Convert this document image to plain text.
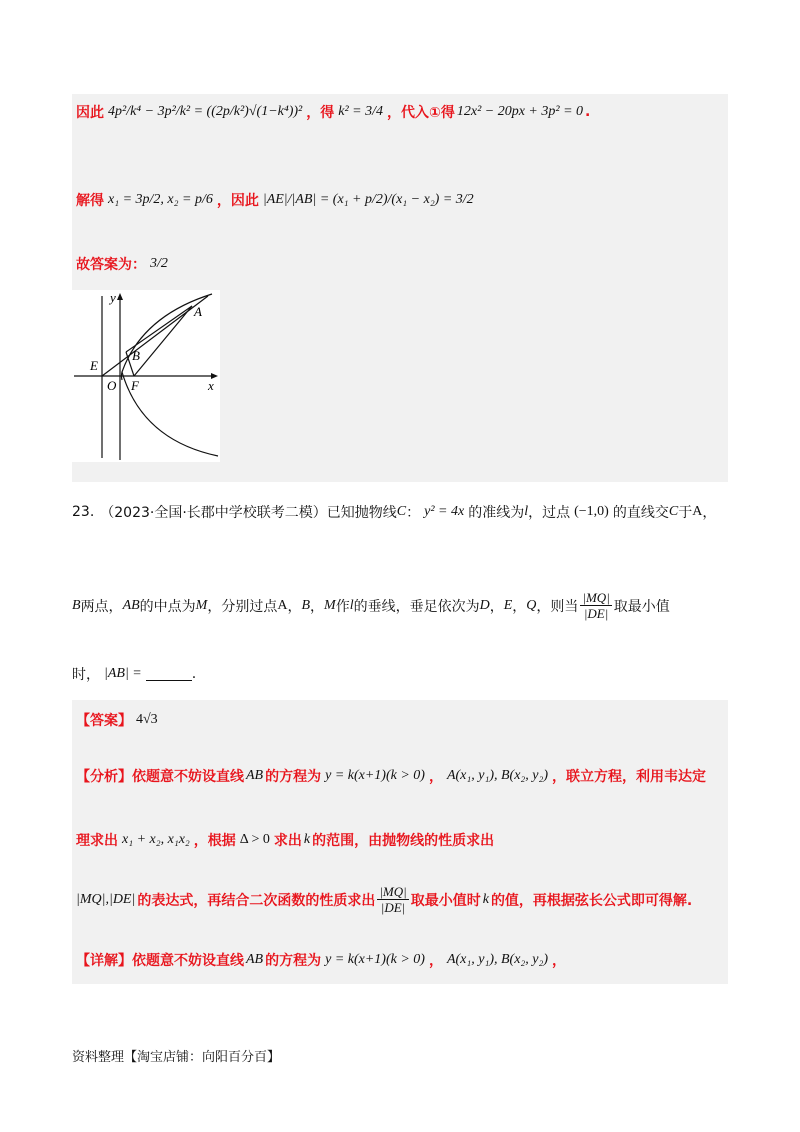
因此 4p²/k⁴ − 3p²/k² = ((2p/k²)√(1−k⁴))² ，得 k² = 3/4 ，代入①得 12x² − 20px + 3p² = 0 .
解得 x₁ = 3p/2, x₂ = p/6 ，因此 |AE|/|AB| = (x₁ + p/2)/(x₁ − x₂) = 3/2
故答案为： 3/2
y
x
A
B
E
O F
23. （2023·全国·长郡中学校联考二模）已知抛物线 C ： y² = 4x 的准线为 l ，过点 (−1,0) 的直线交 C 于 A ，
B 两点， AB 的中点为 M ，分别过点 A ， B ， M 作 l 的垂线，垂足依次为 D ， E ， Q ，则当 $\frac{|MQ|}{|DE|}$ 取最小值
时， |AB| =	.
【答案】 4√3
【分析】 依题意不妨设直线 AB 的方程为 y = k(x+1)(k > 0) ， A(x₁, y₁), B(x₂, y₂) ，联立方程，利用韦达定
理求出 x₁ + x₂, x₁x₂ ，根据 Δ > 0 求出 k 的范围，由抛物线的性质求出
|MQ|,|DE| 的表达式，再结合二次函数的性质求出 $\frac{|MQ|}{|DE|}$ 取最小值时 k 的值，再根据弦长公式即可得解.
【详解】 依题意不妨设直线 AB 的方程为 y = k(x+1)(k > 0) ， A(x₁, y₁), B(x₂, y₂) ，
资料整理【淘宝店铺：向阳百分百】
